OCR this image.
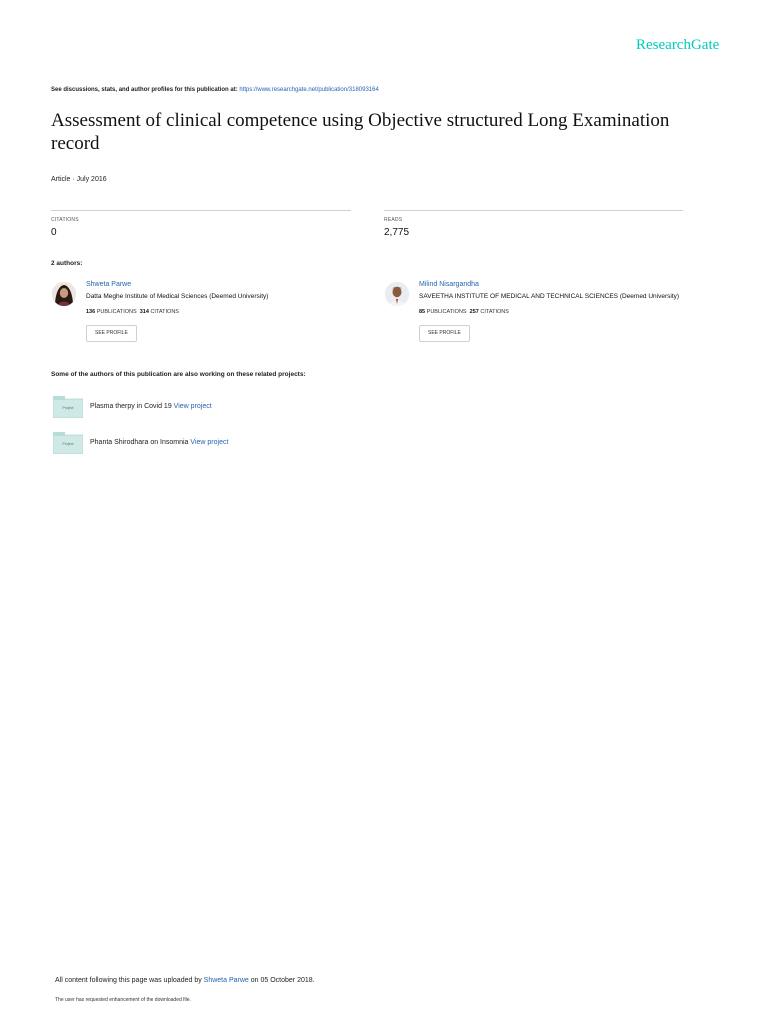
ResearchGate
See discussions, stats, and author profiles for this publication at: https://www.researchgate.net/publication/318093164
Assessment of clinical competence using Objective structured Long Examination record
Article · July 2016
CITATIONS
0
READS
2,775
2 authors:
Shweta Parwe
Datta Meghe Institute of Medical Sciences (Deemed University)
136 PUBLICATIONS 314 CITATIONS
SEE PROFILE
Milind Nisargandha
SAVEETHA INSTITUTE OF MEDICAL AND TECHNICAL SCIENCES (Deemed University)
85 PUBLICATIONS 257 CITATIONS
SEE PROFILE
Some of the authors of this publication are also working on these related projects:
Project	Plasma therpy in Covid 19 View project
Project	Phanta Shirodhara on Insomnia View project
All content following this page was uploaded by Shweta Parwe on 05 October 2018.
The user has requested enhancement of the downloaded file.
